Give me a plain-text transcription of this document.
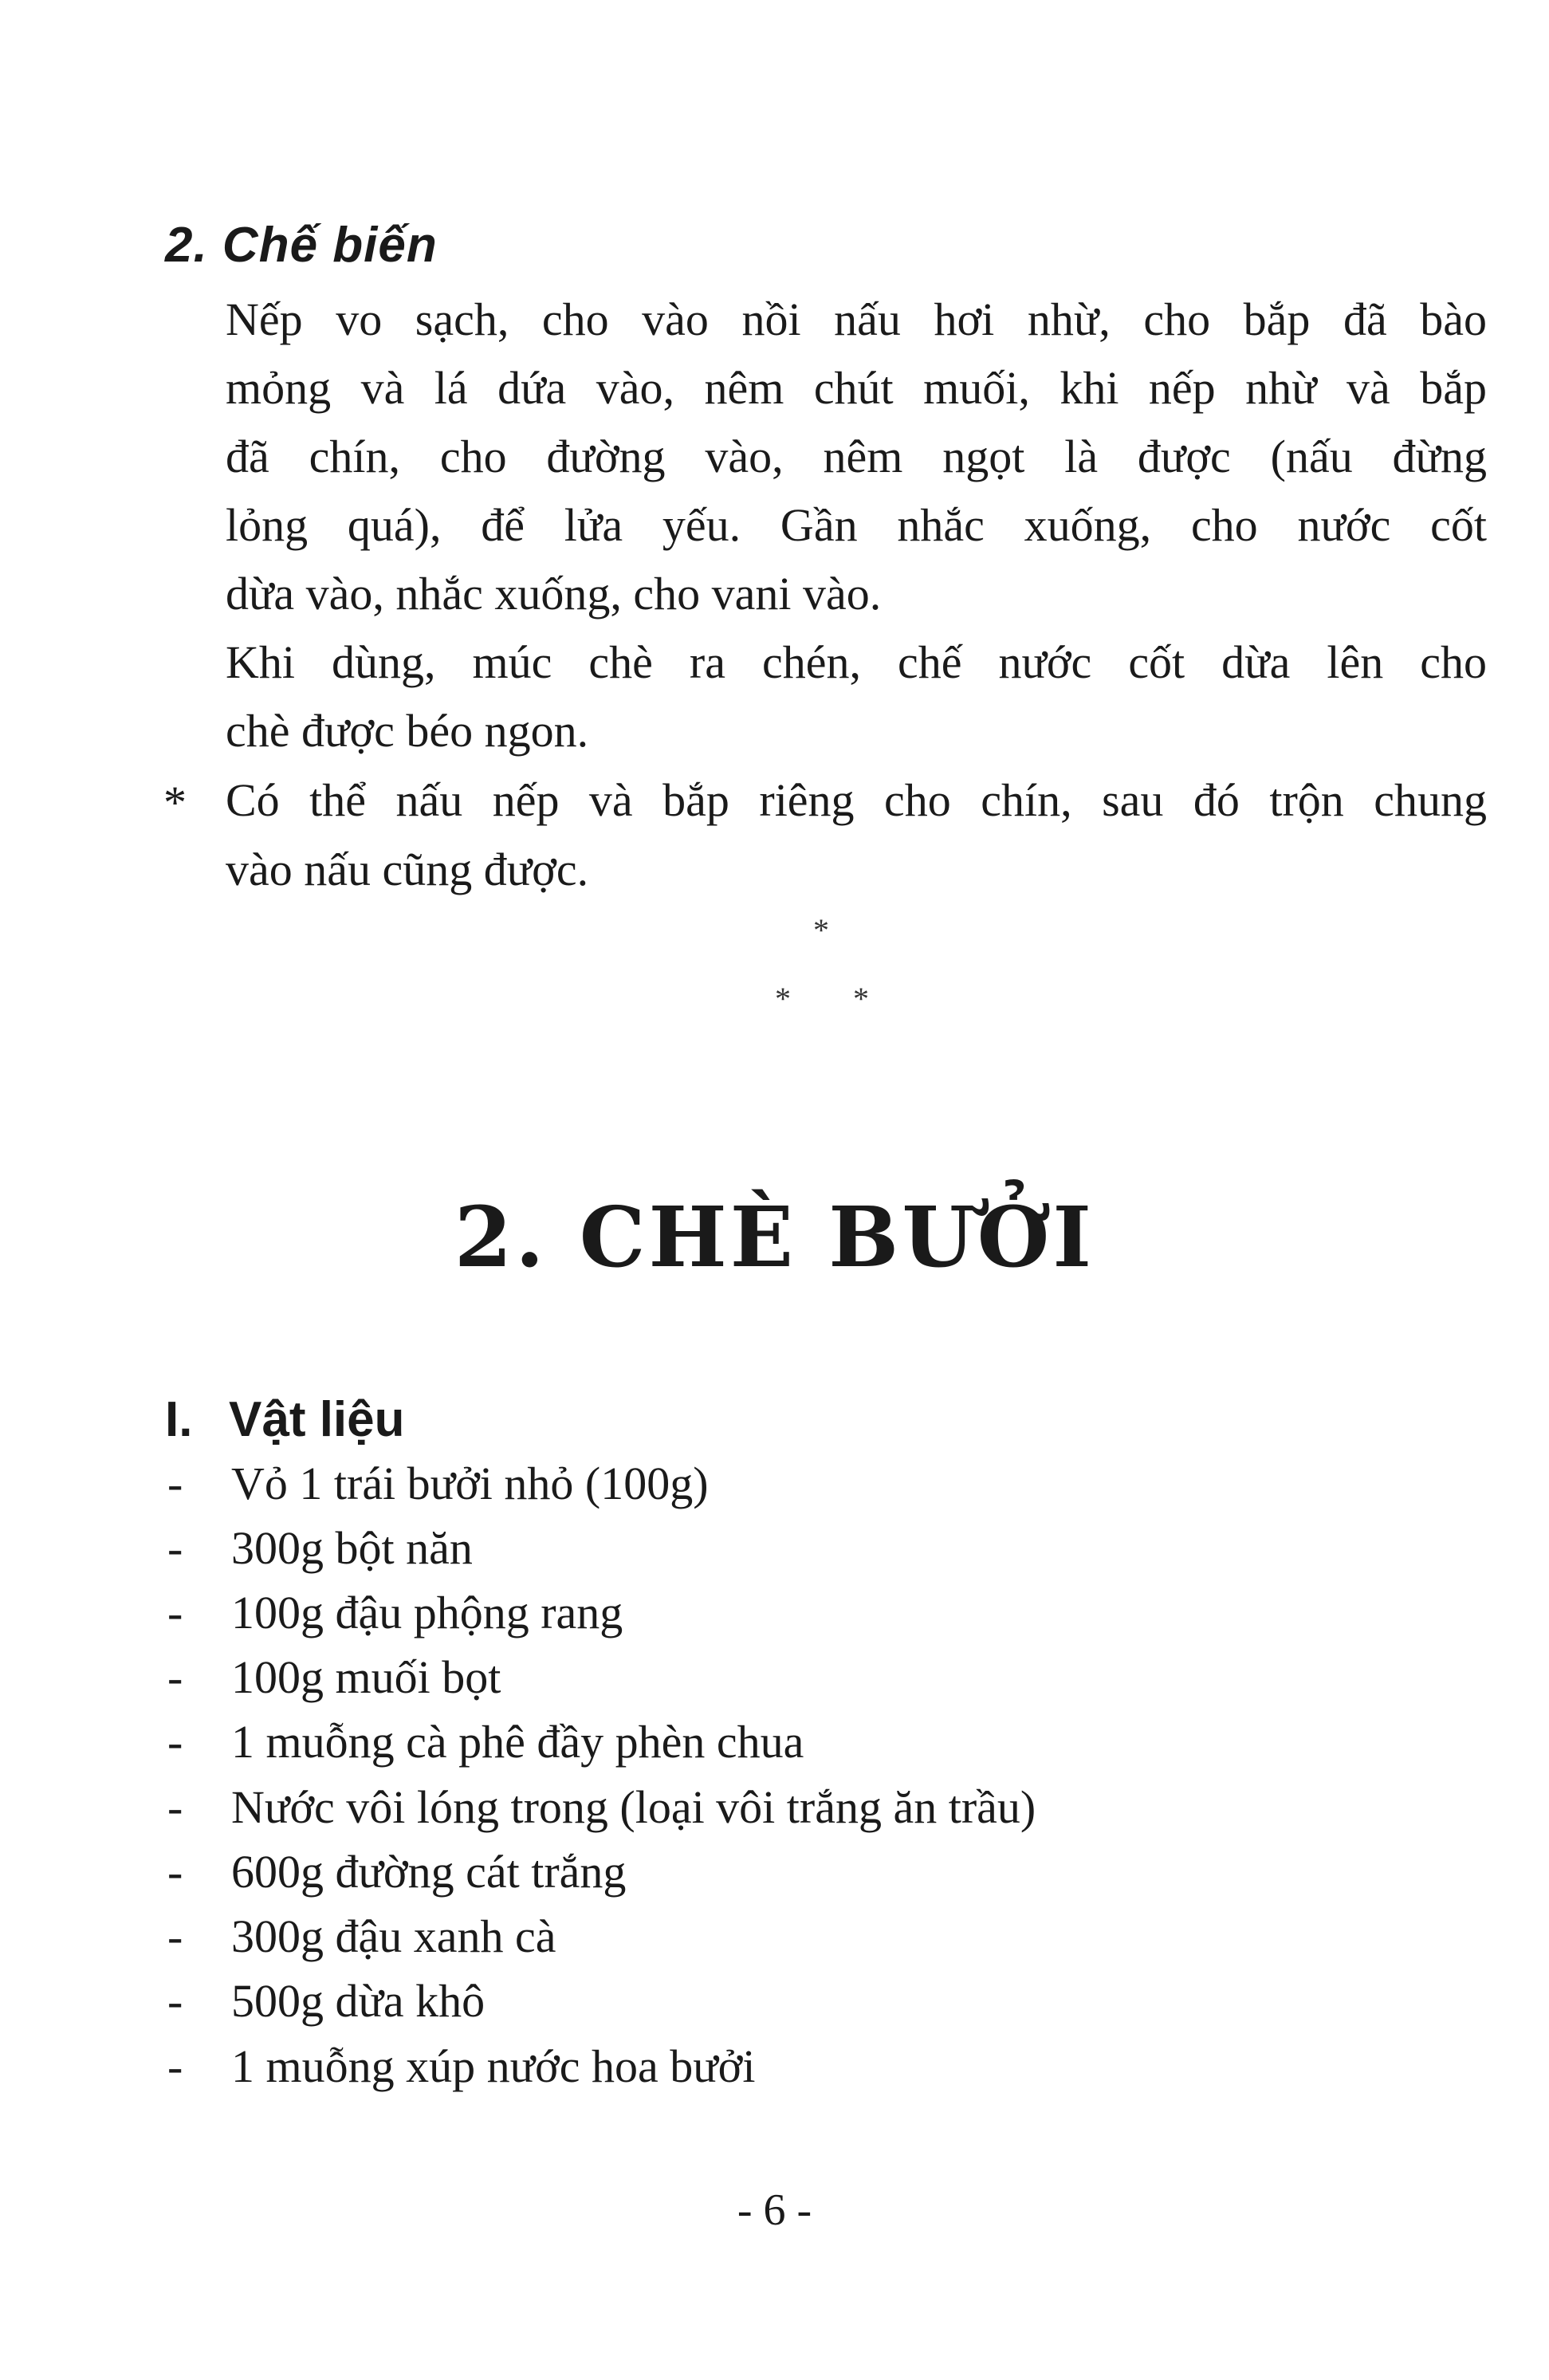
2. Chế biến
Nếp vo sạch, cho vào nồi nấu hơi nhừ, cho bắp đã bào
mỏng và lá dứa vào, nêm chút muối, khi nếp nhừ và bắp
đã chín, cho đường vào, nêm ngọt là được (nấu đừng
lỏng quá), để lửa yếu. Gần nhắc xuống, cho nước cốt
dừa vào, nhắc xuống, cho vani vào.
Khi dùng, múc chè ra chén, chế nước cốt dừa lên cho
chè được béo ngon.
* Có thể nấu nếp và bắp riêng cho chín, sau đó trộn chung
vào nấu cũng được.
*
* *
2. CHÈ BƯỞI
I. Vật liệu
- Vỏ 1 trái bưởi nhỏ (100g)
- 300g bột năn
- 100g đậu phộng rang
- 100g muối bọt
- 1 muỗng cà phê đầy phèn chua
- Nước vôi lóng trong (loại vôi trắng ăn trầu)
- 600g đường cát trắng
- 300g đậu xanh cà
- 500g dừa khô
- 1 muỗng xúp nước hoa bưởi
- 6 -
